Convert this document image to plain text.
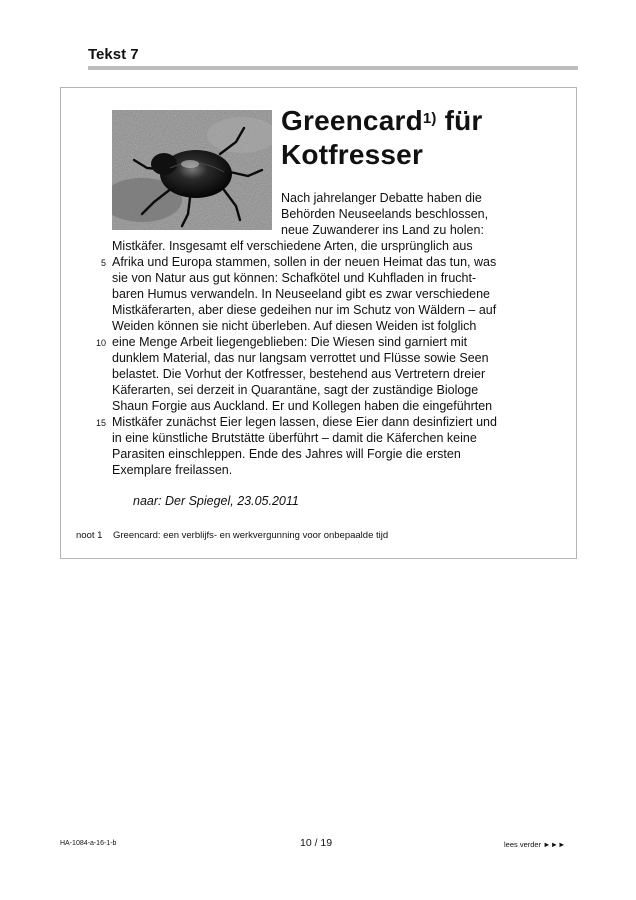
Tekst 7
Greencard$^{1)}$ für
Kotfresser
Nach jahrelanger Debatte haben die
Behörden Neuseelands beschlossen,
neue Zuwanderer ins Land zu holen:
Mistkäfer. Insgesamt elf verschiedene Arten, die ursprünglich aus
Afrika und Europa stammen, sollen in der neuen Heimat das tun, was
sie von Natur aus gut können: Schafkötel und Kuhfladen in frucht-
baren Humus verwandeln. In Neuseeland gibt es zwar verschiedene
Mistkäferarten, aber diese gedeihen nur im Schutz von Wäldern – auf
Weiden können sie nicht überleben. Auf diesen Weiden ist folglich
eine Menge Arbeit liegengeblieben: Die Wiesen sind garniert mit
dunklem Material, das nur langsam verrottet und Flüsse sowie Seen
belastet. Die Vorhut der Kotfresser, bestehend aus Vertretern dreier
Käferarten, sei derzeit in Quarantäne, sagt der zuständige Biologe
Shaun Forgie aus Auckland. Er und Kollegen haben die eingeführten
Mistkäfer zunächst Eier legen lassen, diese Eier dann desinfiziert und
in eine künstliche Brutstätte überführt – damit die Käferchen keine
Parasiten einschleppen. Ende des Jahres will Forgie die ersten
Exemplare freilassen.
5
10
15
naar: Der Spiegel, 23.05.2011
noot 1 Greencard: een verblijfs- en werkvergunning voor onbepaalde tijd
HA-1084-a-16-1-b	10 / 19	lees verder ►►►
